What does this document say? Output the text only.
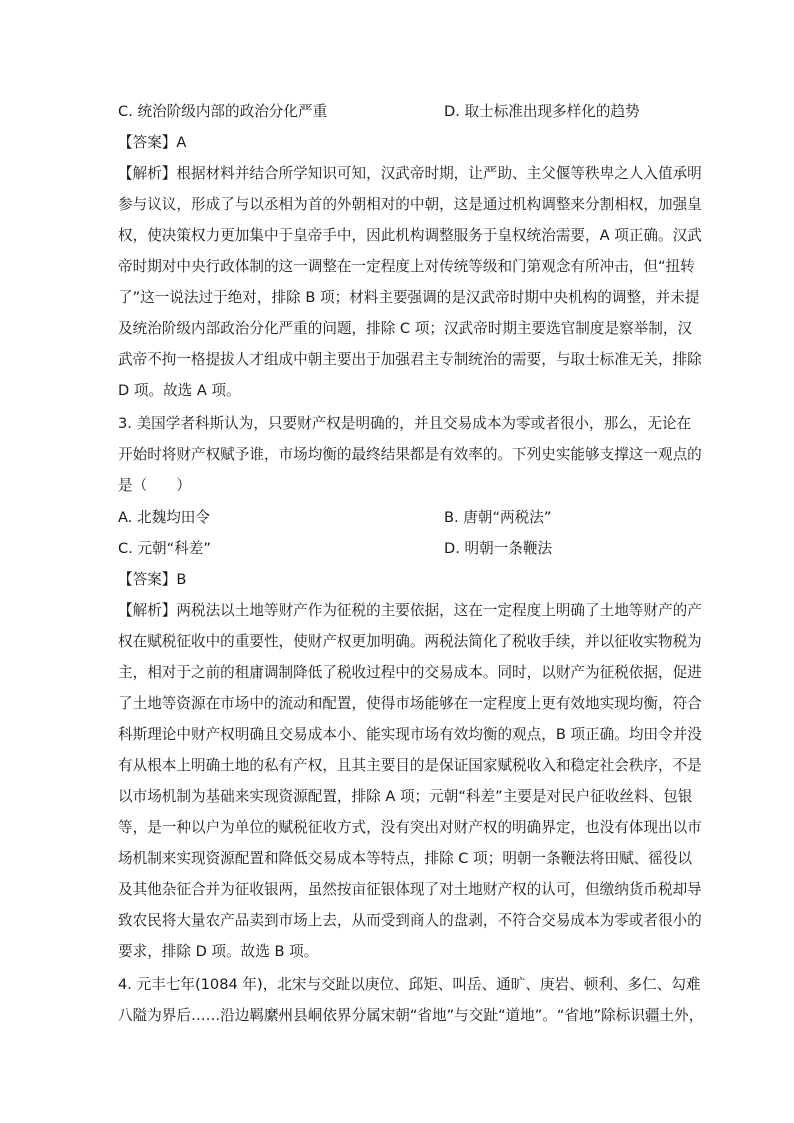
C. 统治阶级内部的政治分化严重	D. 取士标准出现多样化的趋势
【答案】A
【解析】根据材料并结合所学知识可知，汉武帝时期，让严助、主父偃等秩卑之人入值承明
参与议议，形成了与以丞相为首的外朝相对的中朝，这是通过机构调整来分割相权，加强皇
权，使决策权力更加集中于皇帝手中，因此机构调整服务于皇权统治需要，A 项正确。汉武
帝时期对中央行政体制的这一调整在一定程度上对传统等级和门第观念有所冲击，但“扭转
了”这一说法过于绝对，排除 B 项；材料主要强调的是汉武帝时期中央机构的调整，并未提
及统治阶级内部政治分化严重的问题，排除 C 项；汉武帝时期主要选官制度是察举制，汉
武帝不拘一格提拔人才组成中朝主要出于加强君主专制统治的需要，与取士标准无关，排除
D 项。故选 A 项。
3. 美国学者科斯认为，只要财产权是明确的，并且交易成本为零或者很小，那么，无论在
开始时将财产权赋予谁，市场均衡的最终结果都是有效率的。下列史实能够支撑这一观点的
是（　　）
A. 北魏均田令	B. 唐朝“两税法”
C. 元朝“科差”	D. 明朝一条鞭法
【答案】B
【解析】两税法以土地等财产作为征税的主要依据，这在一定程度上明确了土地等财产的产
权在赋税征收中的重要性，使财产权更加明确。两税法简化了税收手续，并以征收实物税为
主，相对于之前的租庸调制降低了税收过程中的交易成本。同时，以财产为征税依据，促进
了土地等资源在市场中的流动和配置，使得市场能够在一定程度上更有效地实现均衡，符合
科斯理论中财产权明确且交易成本小、能实现市场有效均衡的观点，B 项正确。均田令并没
有从根本上明确土地的私有产权，且其主要目的是保证国家赋税收入和稳定社会秩序，不是
以市场机制为基础来实现资源配置，排除 A 项；元朝“科差”主要是对民户征收丝料、包银
等，是一种以户为单位的赋税征收方式，没有突出对财产权的明确界定，也没有体现出以市
场机制来实现资源配置和降低交易成本等特点，排除 C 项；明朝一条鞭法将田赋、徭役以
及其他杂征合并为征收银两，虽然按亩征银体现了对土地财产权的认可，但缴纳货币税却导
致农民将大量农产品卖到市场上去，从而受到商人的盘剥，不符合交易成本为零或者很小的
要求，排除 D 项。故选 B 项。
4. 元丰七年(1084 年)，北宋与交趾以庚位、邱矩、叫岳、通旷、庚岩、顿利、多仁、勾难
八隘为界后……沿边羁縻州县峒依界分属宋朝“省地”与交趾“道地”。“省地”除标识疆土外，
